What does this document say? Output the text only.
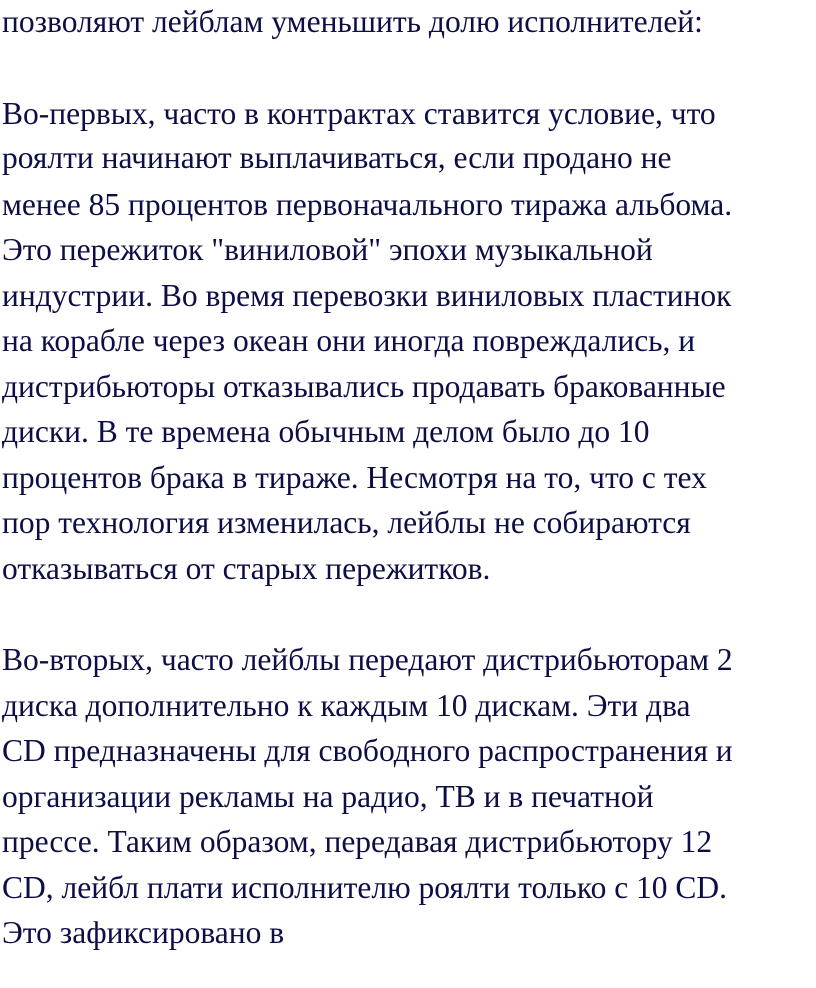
позволяют лейблам уменьшить долю исполнителей:
Во-первых, часто в контрактах ставится условие, что
роялти начинают выплачиваться, если продано не
менее 85 процентов первоначального тиража альбома.
Это пережиток "виниловой" эпохи музыкальной
индустрии. Во время перевозки виниловых пластинок
на корабле через океан они иногда повреждались, и
дистрибьюторы отказывались продавать бракованные
диски. В те времена обычным делом было до 10
процентов брака в тираже. Несмотря на то, что с тех
пор технология изменилась, лейблы не собираются
отказываться от старых пережитков.
Во-вторых, часто лейблы передают дистрибьюторам 2
диска дополнительно к каждым 10 дискам. Эти два
CD предназначены для свободного распространения и
организации рекламы на радио, ТВ и в печатной
прессе. Таким образом, передавая дистрибьютору 12
CD, лейбл плати исполнителю роялти только с 10 CD.
Это зафиксировано в
